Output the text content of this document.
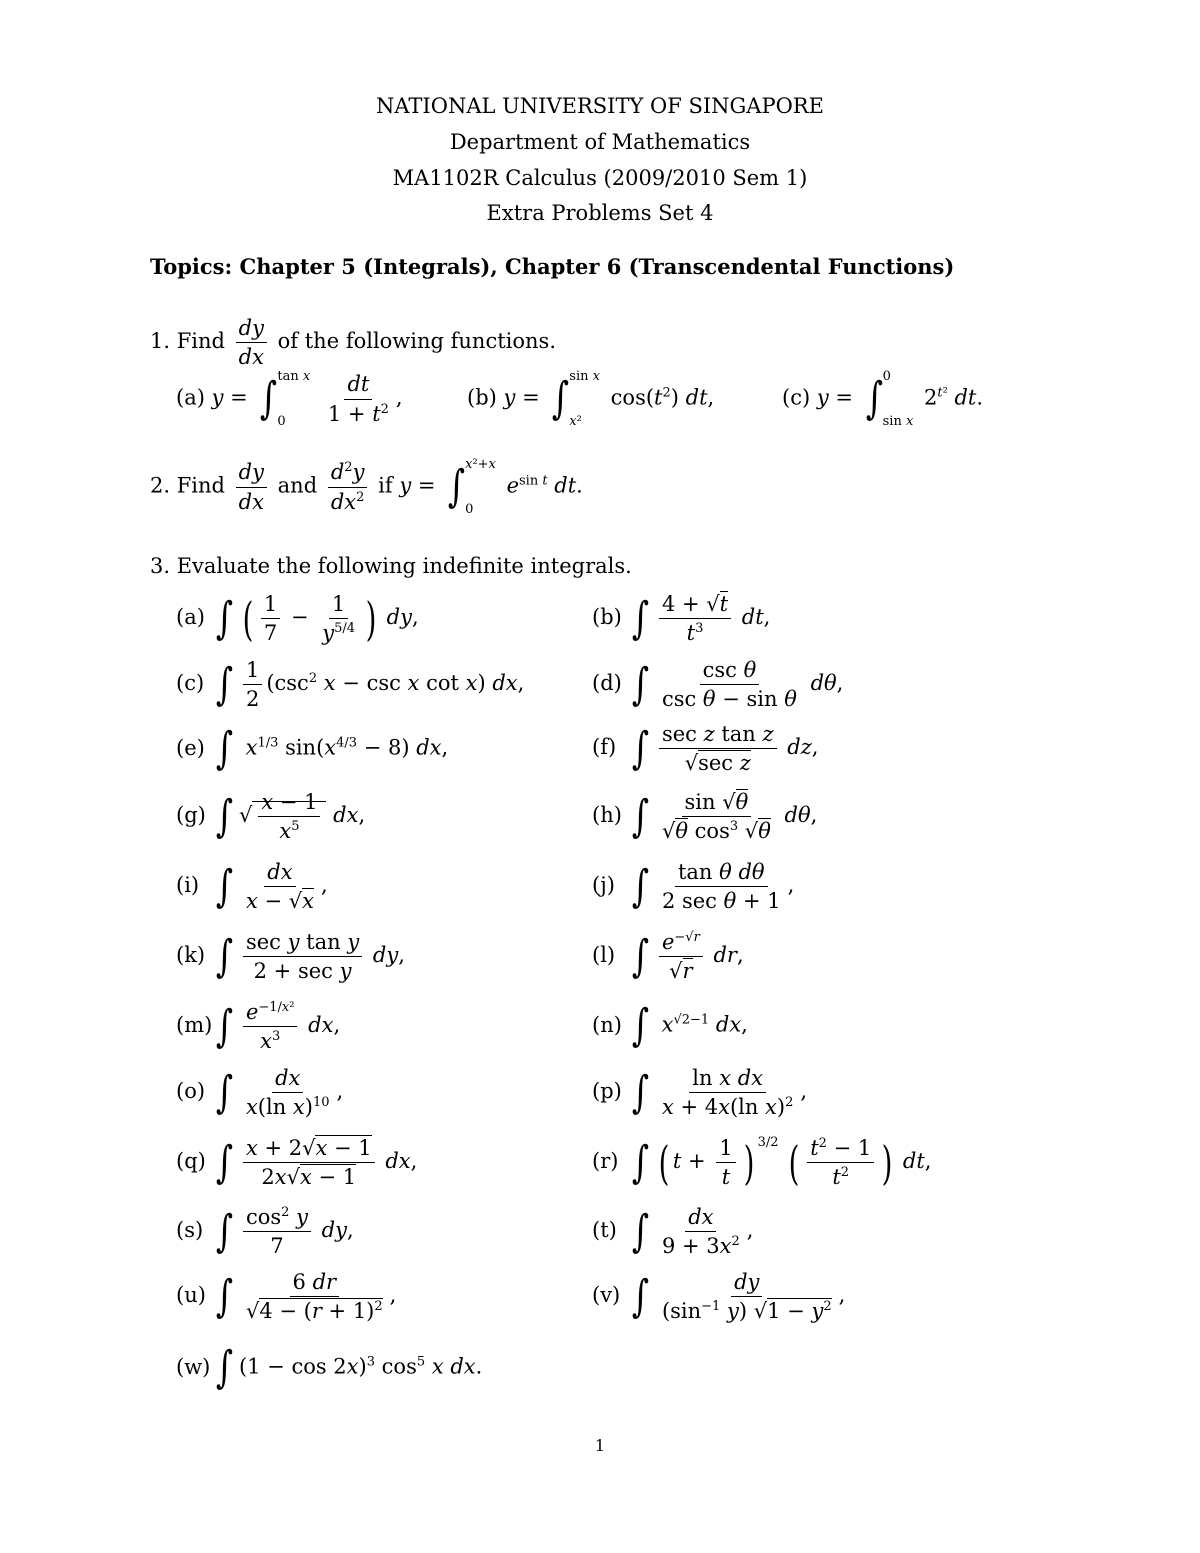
NATIONAL UNIVERSITY OF SINGAPORE
Department of Mathematics
MA1102R Calculus (2009/2010 Sem 1)
Extra Problems Set 4
Topics: Chapter 5 (Integrals), Chapter 6 (Transcendental Functions)
1. Find $\frac{dy}{dx}$ of the following functions.
(a) y = ∫ tan x
0
	$\frac{dt}{1 + t^2}$ ,	(b) y = ∫ sin x
x²
$\cos(t^2)$ dt,	(c) y = ∫ 0
sin x
$2^{t^2}$ dt.
2. Find $\frac{dy}{dx}$ and $\frac{d^2y}{dx^2}$ if y = ∫ x²+x
0
$e^{sin t}$ dt.
3. Evaluate the following indefinite integrals.
(a) ∫ ( $\frac{1}{7} - \frac{1}{y^{5/4}}$ ) dy,
(c) ∫ $\frac{1}{2} (\csc^2$ x − csc x cot x) dx,
(e) ∫ $x^{1/3}$ $\sin(x^{4/3} - 8)$ dx,
(g) ∫ √ $\frac{x - 1}{x^5}$ dx,
(i) ∫ $\frac{dx}{x - √x}$ ,
(k) ∫ $\frac{\text{sec y tan y}}{\text{2 + sec y}}$ dy,
$(m)\int \frac{e^{-1/x^2}}{x^3}$ dx,
(o) ∫ $\frac{dx}{x(\ln x)^{10}}$ ,
(q) ∫ $\frac{x + 2√x - 1}{2x√x - 1}$ dx,
(s) ∫ $\frac{\cos^2 y}{7}$ dy,
(u) ∫ $\frac{6 dr}{√4 - (r + 1)^2}$ ,
(w) ∫ $(1 - \cos 2x)^3$ $\cos^5 x$ dx.
(b) ∫ $\frac{4 + √t}{t^3}$ dt,
(d) ∫ $\frac{\text{csc θ}}{\text{csc θ − sin θ}} d\theta$,
(f) ∫ $\frac{\text{sec z tan z}}{\text{√sec z}}$ dz,
(h) ∫ $\frac{\sin √\theta}{√\theta \cos^3 √\theta} d\theta$,
(j) ∫ $\frac{\text{tan θ dθ}}{\text{2 sec θ + 1}}$ ,
(l) ∫ $\frac{e^{-√r}}{√r}$ dr,
(n) ∫ $x^{√2-1}$ dx,
(p) ∫ $\frac{\text{ln x dx}}{x + 4x(\ln x)^2}$ ,
(r) ∫ ( $t + \frac{1}{t}$ ) $^{3/2}$ ( $\frac{t^2 - 1}{t^2}$ ) dt,
(t) ∫ $\frac{dx}{9 + 3x^2}$ ,
(v) ∫ $\frac{dy}{(\sin^{-1} y) √1 - y^2}$ ,
1
